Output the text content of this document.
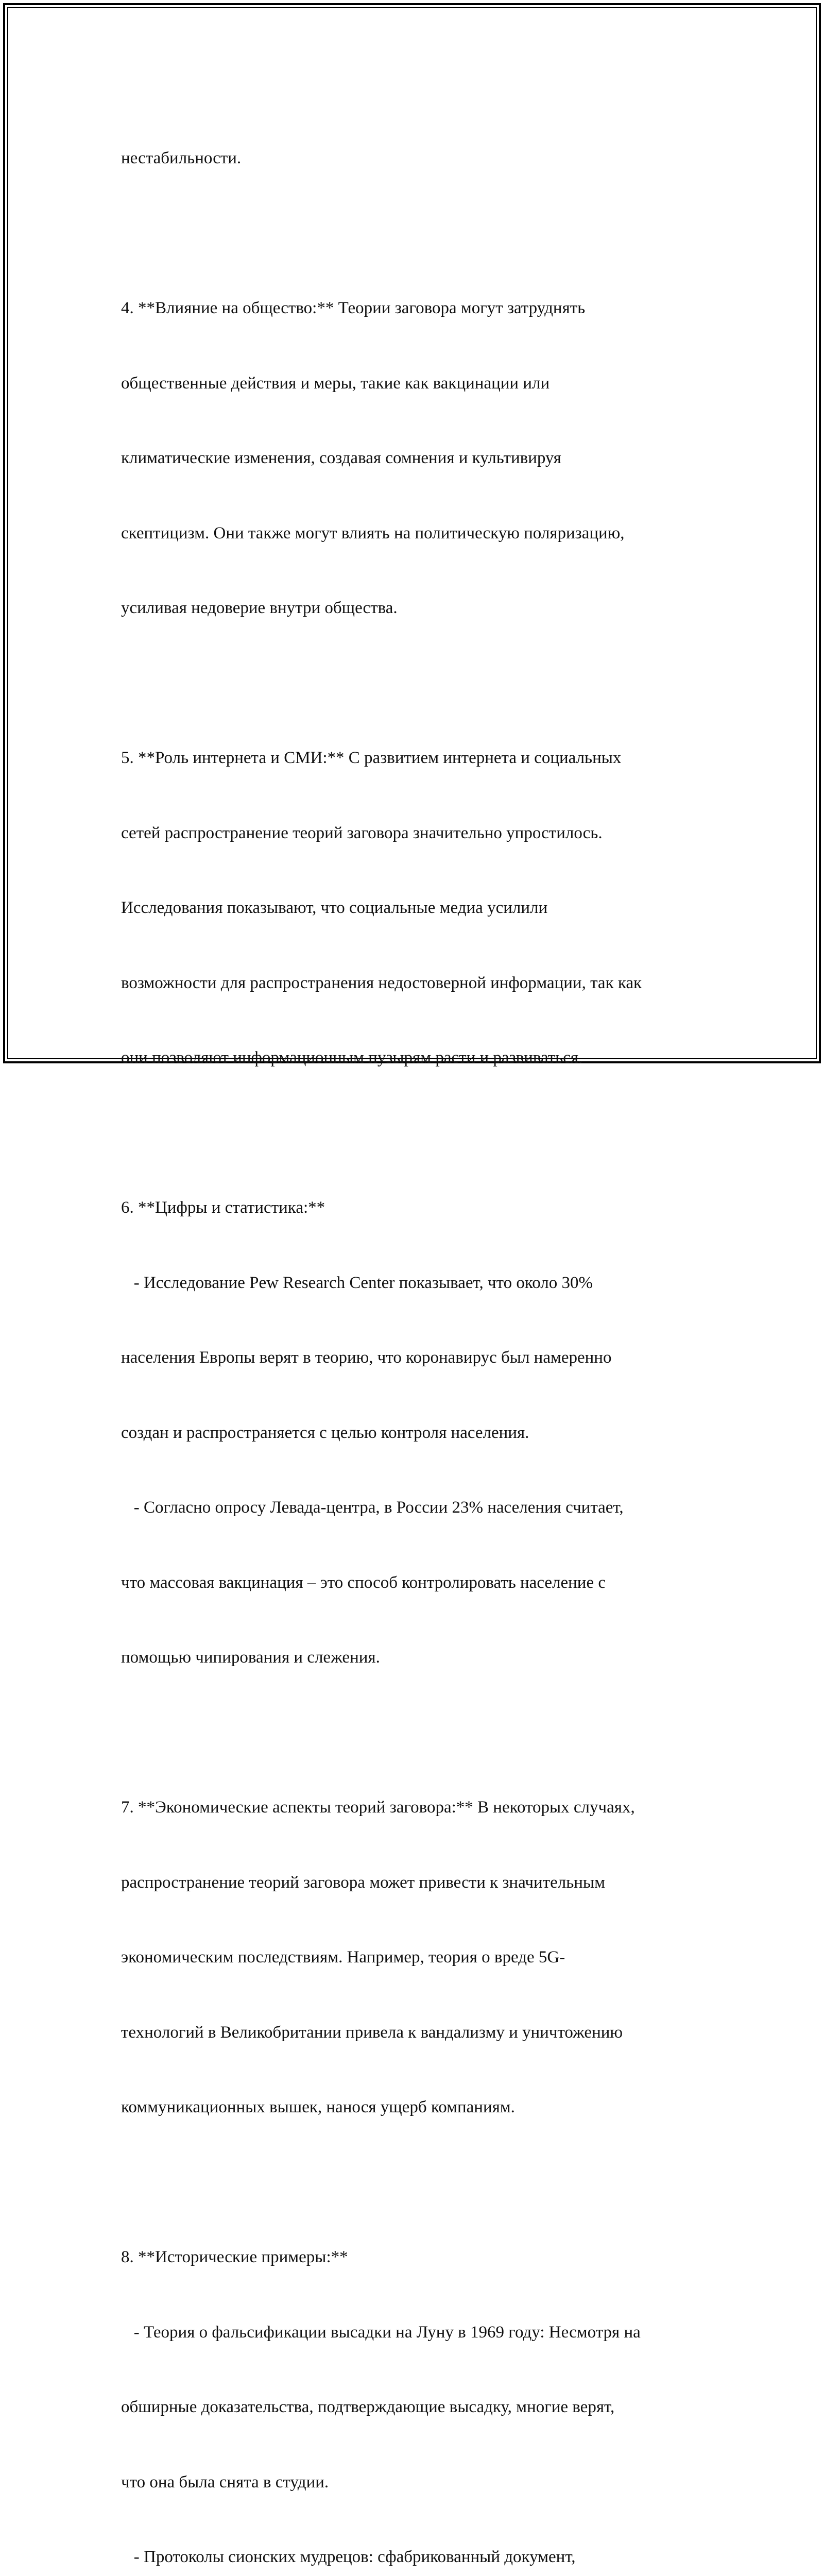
нестабильности.

4. **Влияние на общество:** Теории заговора могут затруднять

общественные действия и меры, такие как вакцинации или

климатические изменения, создавая сомнения и культивируя

скептицизм. Они также могут влиять на политическую поляризацию,

усиливая недоверие внутри общества.

5. **Роль интернета и СМИ:** С развитием интернета и социальных

сетей распространение теорий заговора значительно упростилось.

Исследования показывают, что социальные медиа усилили

возможности для распространения недостоверной информации, так как

они позволяют информационным пузырям расти и развиваться.

6. **Цифры и статистика:**

- Исследование Pew Research Center показывает, что около 30%

населения Европы верят в теорию, что коронавирус был намеренно

создан и распространяется с целью контроля населения.

- Согласно опросу Левада-центра, в России 23% населения считает,

что массовая вакцинация – это способ контролировать население с

помощью чипирования и слежения.

7. **Экономические аспекты теорий заговора:** В некоторых случаях,

распространение теорий заговора может привести к значительным

экономическим последствиям. Например, теория о вреде 5G-

технологий в Великобритании привела к вандализму и уничтожению

коммуникационных вышек, нанося ущерб компаниям.

8. **Исторические примеры:**

- Теория о фальсификации высадки на Луну в 1969 году: Несмотря на

обширные доказательства, подтверждающие высадку, многие верят,

что она была снята в студии.

- Протоколы сионских мудрецов: сфабрикованный документ,
